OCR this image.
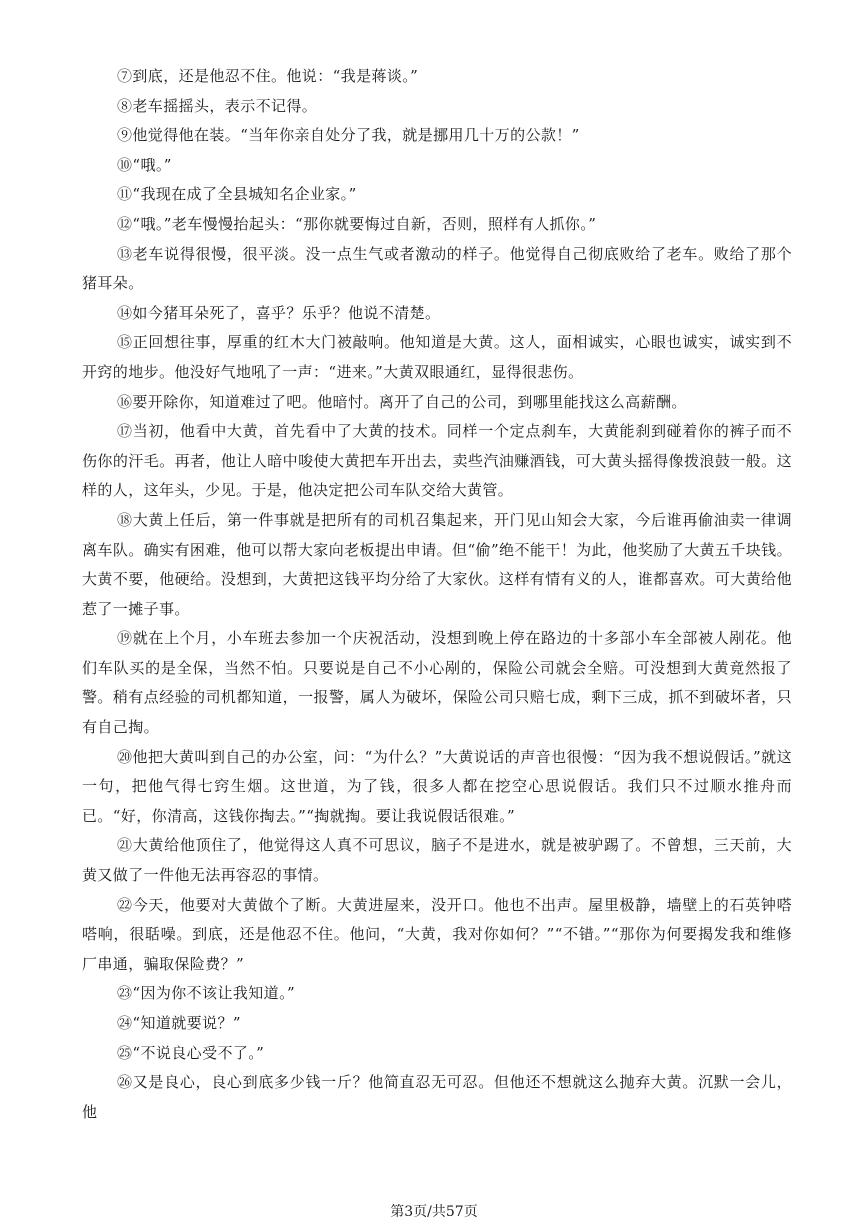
⑦到底，还是他忍不住。他说：“我是蒋谈。”

⑧老车摇摇头，表示不记得。

⑨他觉得他在装。“当年你亲自处分了我，就是挪用几十万的公款！”

⑩“哦。”

⑪“我现在成了全县城知名企业家。”

⑫“哦。”老车慢慢抬起头：“那你就要悔过自新，否则，照样有人抓你。”

⑬老车说得很慢，很平淡。没一点生气或者激动的样子。他觉得自己彻底败给了老车。败给了那个猪耳朵。

⑭如今猪耳朵死了，喜乎？乐乎？他说不清楚。

⑮正回想往事，厚重的红木大门被敲响。他知道是大黄。这人，面相诚实，心眼也诚实，诚实到不开窍的地步。他没好气地吼了一声：“进来。”大黄双眼通红，显得很悲伤。

⑯要开除你，知道难过了吧。他暗忖。离开了自己的公司，到哪里能找这么高薪酬。

⑰当初，他看中大黄，首先看中了大黄的技术。同样一个定点刹车，大黄能刹到碰着你的裤子而不伤你的汗毛。再者，他让人暗中唆使大黄把车开出去，卖些汽油赚酒钱，可大黄头摇得像拨浪鼓一般。这样的人，这年头，少见。于是，他决定把公司车队交给大黄管。

⑱大黄上任后，第一件事就是把所有的司机召集起来，开门见山知会大家，今后谁再偷油卖一律调离车队。确实有困难，他可以帮大家向老板提出申请。但“偷”绝不能干！为此，他奖励了大黄五千块钱。大黄不要，他硬给。没想到，大黄把这钱平均分给了大家伙。这样有情有义的人，谁都喜欢。可大黄给他惹了一摊子事。

⑲就在上个月，小车班去参加一个庆祝活动，没想到晚上停在路边的十多部小车全部被人剐花。他们车队买的是全保，当然不怕。只要说是自己不小心剐的，保险公司就会全赔。可没想到大黄竟然报了警。稍有点经验的司机都知道，一报警，属人为破坏，保险公司只赔七成，剩下三成，抓不到破坏者，只有自己掏。

⑳他把大黄叫到自己的办公室，问：“为什么？”大黄说话的声音也很慢：“因为我不想说假话。”就这一句，把他气得七窍生烟。这世道，为了钱，很多人都在挖空心思说假话。我们只不过顺水推舟而已。“好，你清高，这钱你掏去。”“掏就掏。要让我说假话很难。”

㉑大黄给他顶住了，他觉得这人真不可思议，脑子不是进水，就是被驴踢了。不曾想，三天前，大黄又做了一件他无法再容忍的事情。

㉒今天，他要对大黄做个了断。大黄进屋来，没开口。他也不出声。屋里极静，墙壁上的石英钟嗒嗒响，很聒噪。到底，还是他忍不住。他问，“大黄，我对你如何？”“不错。”“那你为何要揭发我和维修厂串通，骗取保险费？”

㉓“因为你不该让我知道。”

㉔“知道就要说？”

㉕“不说良心受不了。”

㉖又是良心，良心到底多少钱一斤？他简直忍无可忍。但他还不想就这么抛弃大黄。沉默一会儿，他

第3页/共57页
